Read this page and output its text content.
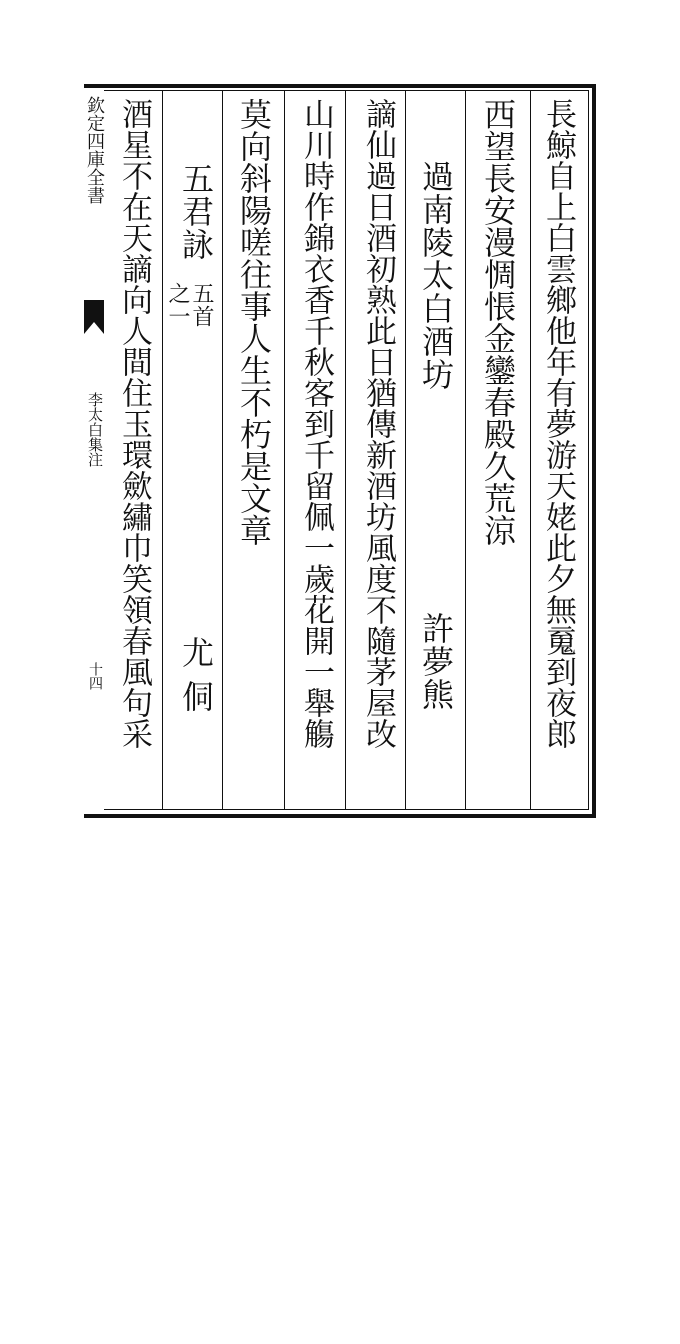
欽定四庫全書
李太白集注
十四	長鯨自上白雲鄉他年有夢游天姥此夕無䰟到夜郎
西望長安漫惆悵金鑾春殿久荒涼
過南陵太白酒坊
許夢熊
謫仙過日酒初熟此日猶傳新酒坊風度不隨茅屋改
山川時作錦衣香千秋客到千留佩一歲花開一舉觴
莫向斜陽嗟往事人生不朽是文章
五君詠
五首
之一
尤侗
酒星不在天謫向人間住玉環歛繡巾笑領春風句采
